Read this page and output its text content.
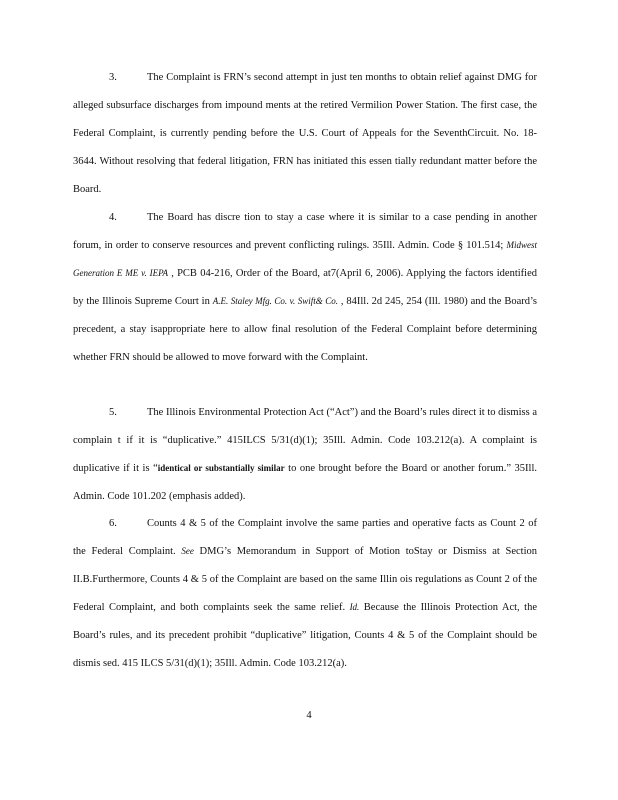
3.	The Complaint is FRN’s second attempt in just ten months to obtain relief against DMG for alleged subsurface discharges from impound ments at the retired Vermilion Power Station. The first case, the Federal Complaint, is currently pending before the U.S. Court of Appeals for the SeventhCircuit. No. 18-3644. Without resolving that federal litigation, FRN has initiated this essen tially redundant matter before the Board.

4.	The Board has discre tion to stay a case where it is similar to a case pending in another forum, in order to conserve resources and prevent conflicting rulings. 35Ill. Admin. Code § 101.514; Midwest Generation E ME v. IEPA , PCB 04-216, Order of the Board, at7(April 6, 2006). Applying the factors identified by the Illinois Supreme Court in A.E. Staley Mfg. Co. v. Swift& Co. , 84Ill. 2d 245, 254 (Ill. 1980) and the Board’s precedent, a stay isappropriate here to allow final resolution of the Federal Complaint before determining whether FRN should be allowed to move forward with the Complaint.

5.	The Illinois Environmental Protection Act (“Act”) and the Board’s rules direct it to dismiss a complain t if it is “duplicative.” 415ILCS 5/31(d)(1); 35Ill. Admin. Code 103.212(a). A complaint is duplicative if it is “identical or substantially similar to one brought before the Board or another forum.” 35Ill. Admin. Code 101.202 (emphasis added).

6.	Counts 4 & 5 of the Complaint involve the same parties and operative facts as Count 2 of the Federal Complaint. See DMG’s Memorandum in Support of Motion toStay or Dismiss at Section II.B.Furthermore, Counts 4 & 5 of the Complaint are based on the same Illin ois regulations as Count 2 of the Federal Complaint, and both complaints seek the same relief. Id. Because the Illinois Protection Act, the Board’s rules, and its precedent prohibit “duplicative” litigation, Counts 4 & 5 of the Complaint should be dismis sed. 415 ILCS 5/31(d)(1); 35Ill. Admin. Code 103.212(a).

4
